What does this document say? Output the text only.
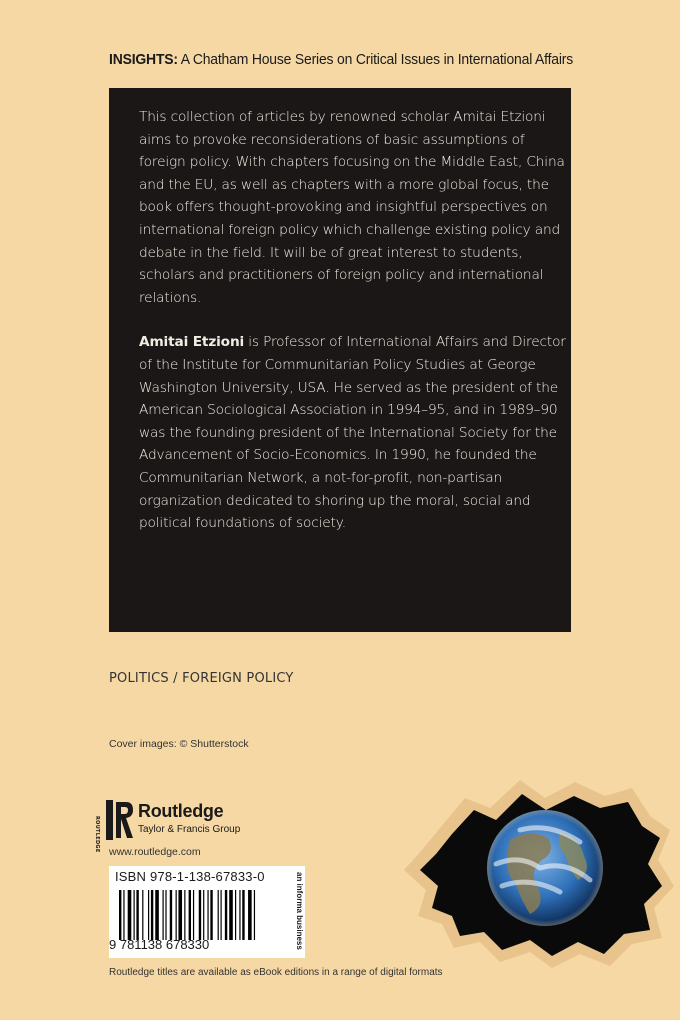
INSIGHTS: A Chatham House Series on Critical Issues in International Affairs

This collection of articles by renowned scholar Amitai Etzioni aims to provoke reconsiderations of basic assumptions of foreign policy. With chapters focusing on the Middle East, China and the EU, as well as chapters with a more global focus, the book offers thought-provoking and insightful perspectives on international foreign policy which challenge existing policy and debate in the field. It will be of great interest to students, scholars and practitioners of foreign policy and international relations.

Amitai Etzioni is Professor of International Affairs and Director of the Institute for Communitarian Policy Studies at George Washington University, USA. He served as the president of the American Sociological Association in 1994–95, and in 1989–90 was the founding president of the International Society for the Advancement of Socio-Economics. In 1990, he founded the Communitarian Network, a not-for-profit, non-partisan organization dedicated to shoring up the moral, social and political foundations of society.

POLITICS / FOREIGN POLICY
Cover images: © Shutterstock
ROUTLEDGE
Routledge
Taylor & Francis Group
www.routledge.com
ISBN 978-1-138-67833-0
9 781138 678330	an informa business
Routledge titles are available as eBook editions in a range of digital formats
